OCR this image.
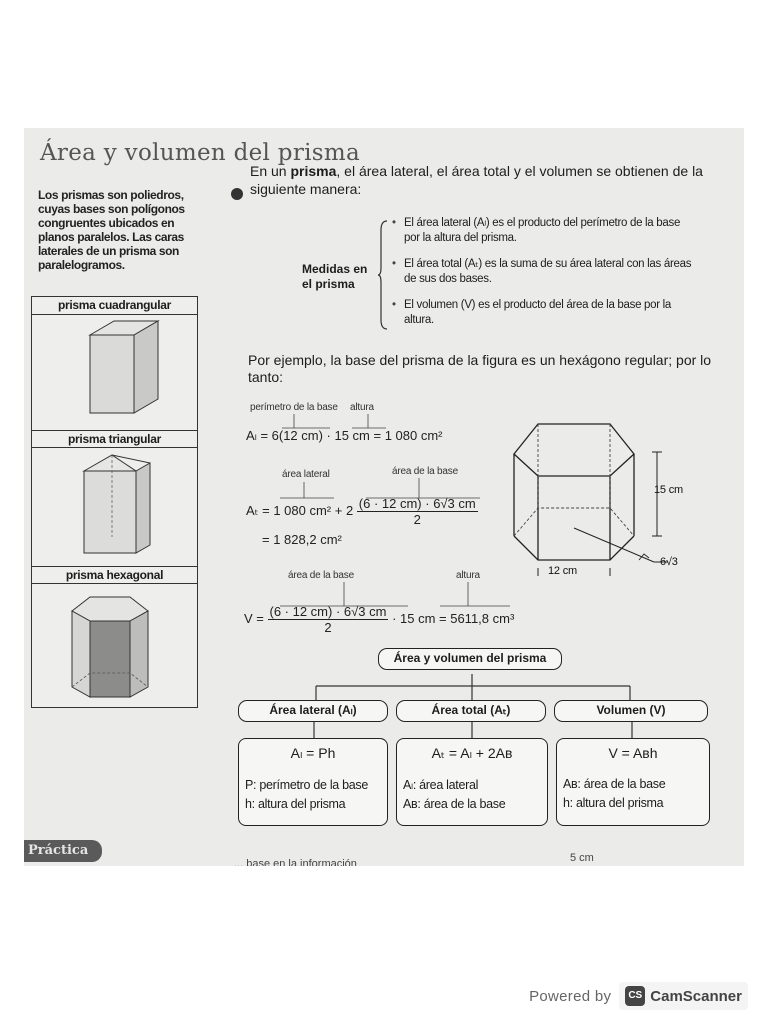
Área y volumen del prisma
Los prismas son poliedros, cuyas bases son polígonos congruentes ubicados en planos paralelos. Las caras laterales de un prisma son paralelogramos.
prisma cuadrangular
prisma triangular
prisma hexagonal
En un prisma, el área lateral, el área total y el volumen se obtienen de la siguiente manera:
Medidas en el prisma
• El área lateral (Aₗ) es el producto del perímetro de la base por la altura del prisma.
• El área total (Aₜ) es la suma de su área lateral con las áreas de sus dos bases.
• El volumen (V) es el producto del área de la base por la altura.
Por ejemplo, la base del prisma de la figura es un hexágono regular; por lo tanto:
perímetro de la base altura
Aₗ = 6(12 cm) · 15 cm = 1 080 cm²
área lateral	área de la base
Aₜ = 1 080 $cm^2 + 2 \frac{(6 \cdot 12 cm) \cdot 6√3 cm}{2}$
= 1 828,2 cm²
área de la base	altura
$V = \frac{(6 \cdot 12 cm) \cdot 6√3 cm}{2} \cdot 15$ cm = 5611,8 cm³
15 cm
12 cm
6√3
Área y volumen del prisma
Área lateral (Aₗ)	Área total (Aₜ)	Volumen (V)
Aₗ = Ph
P: perímetro de la base
h: altura del prisma
Aₜ = Aₗ + 2Aʙ
Aₗ: área lateral
Aʙ: área de la base
V = Aʙh
Aʙ: área de la base
h: altura del prisma
Práctica
... base en la información	5 cm
Powered by	CS CamScanner
